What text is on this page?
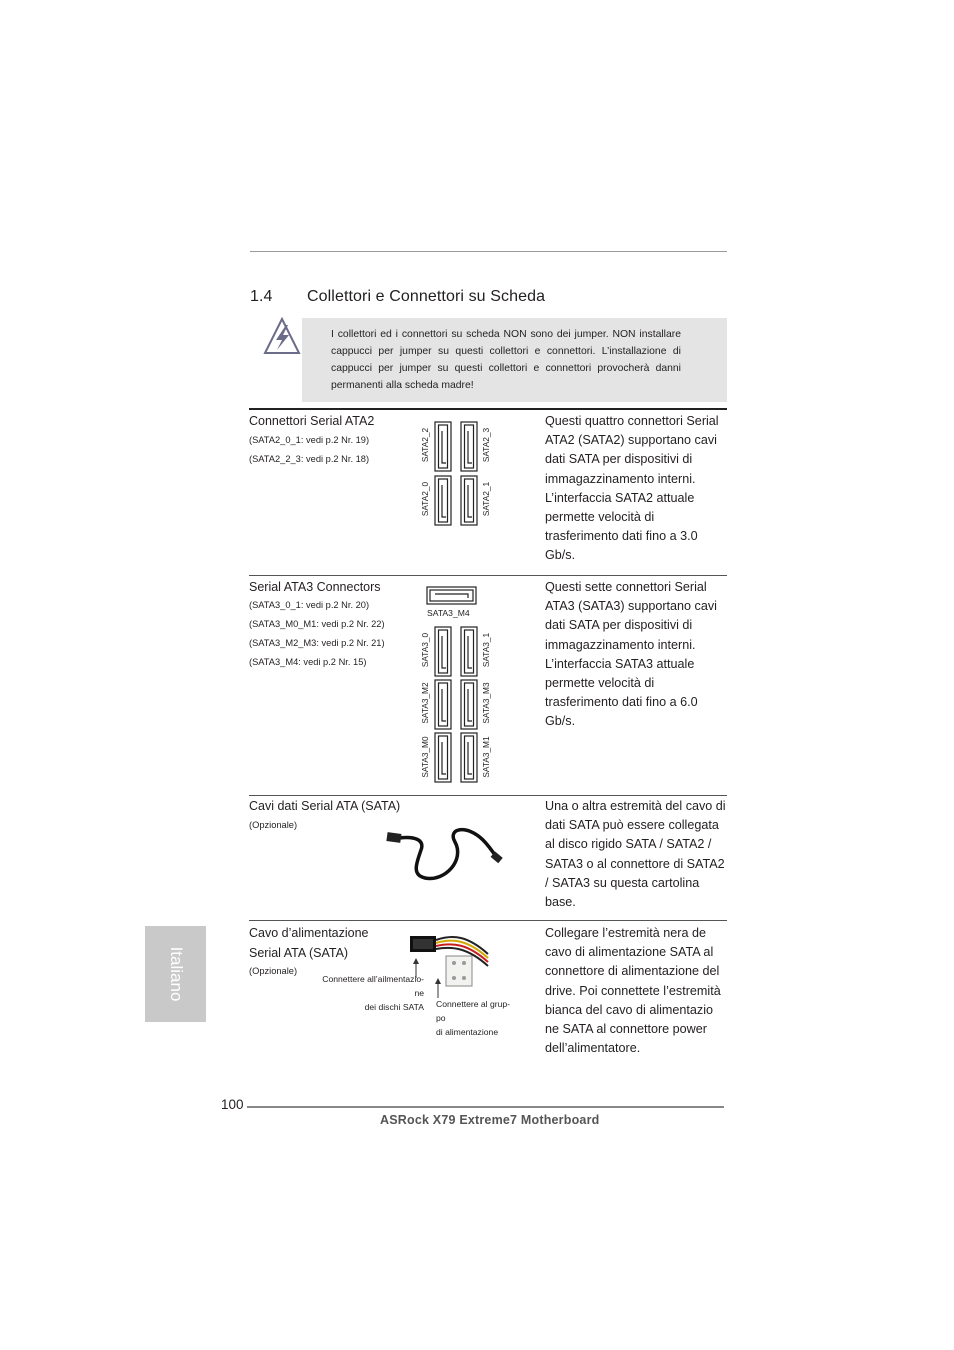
1.4 Collettori e Connettori su Scheda

I collettori ed i connettori su scheda NON sono dei jumper. NON installare cappucci per jumper su questi collettori e connettori. L’installazione di cappucci per jumper su questi collettori e connettori provocherà danni permanenti alla scheda madre!

Connettori Serial ATA2
(SATA2_0_1: vedi p.2 Nr. 19)
(SATA2_2_3: vedi p.2 Nr. 18)	SATA2_2	SATA2_3
SATA2_0	SATA2_1
Questi quattro connettori Serial ATA2 (SATA2) supportano cavi dati SATA per dispositivi di immagazzinamento interni. L’interfaccia SATA2 attuale permette velocità di trasferimento dati fino a 3.0 Gb/s.
Serial ATA3 Connectors
(SATA3_0_1: vedi p.2 Nr. 20)
(SATA3_M0_M1: vedi p.2 Nr. 22)
(SATA3_M2_M3: vedi p.2 Nr. 21)
(SATA3_M4: vedi p.2 Nr. 15)
SATA3_M4
SATA3_0	SATA3_1
SATA3_M2	SATA3_M3
SATA3_M0	SATA3_M1
Questi sette connettori Serial ATA3 (SATA3) supportano cavi dati SATA per dispositivi di immagazzinamento interni. L’interfaccia SATA3 attuale permette velocità di trasferimento dati fino a 6.0 Gb/s.
Cavi dati Serial ATA (SATA)
(Opzionale)
Una o altra estremità del cavo di dati SATA può essere collegata al disco rigido SATA / SATA2 / SATA3 o al connettore di SATA2 / SATA3 su questa cartolina base.
Cavo d’alimentazione
Serial ATA (SATA)
(Opzionale)
Connettere all’ailmentazio-
ne
dei dischi SATA Connettere al grup-
po
di alimentazione
Collegare l’estremità nera de cavo di alimentazione SATA al connettore di alimentazione del drive. Poi connettete l’estremità bianca del cavo di alimentazio ne SATA al connettore power dell’alimentatore.
Italiano
100
ASRock X79 Extreme7 Motherboard
